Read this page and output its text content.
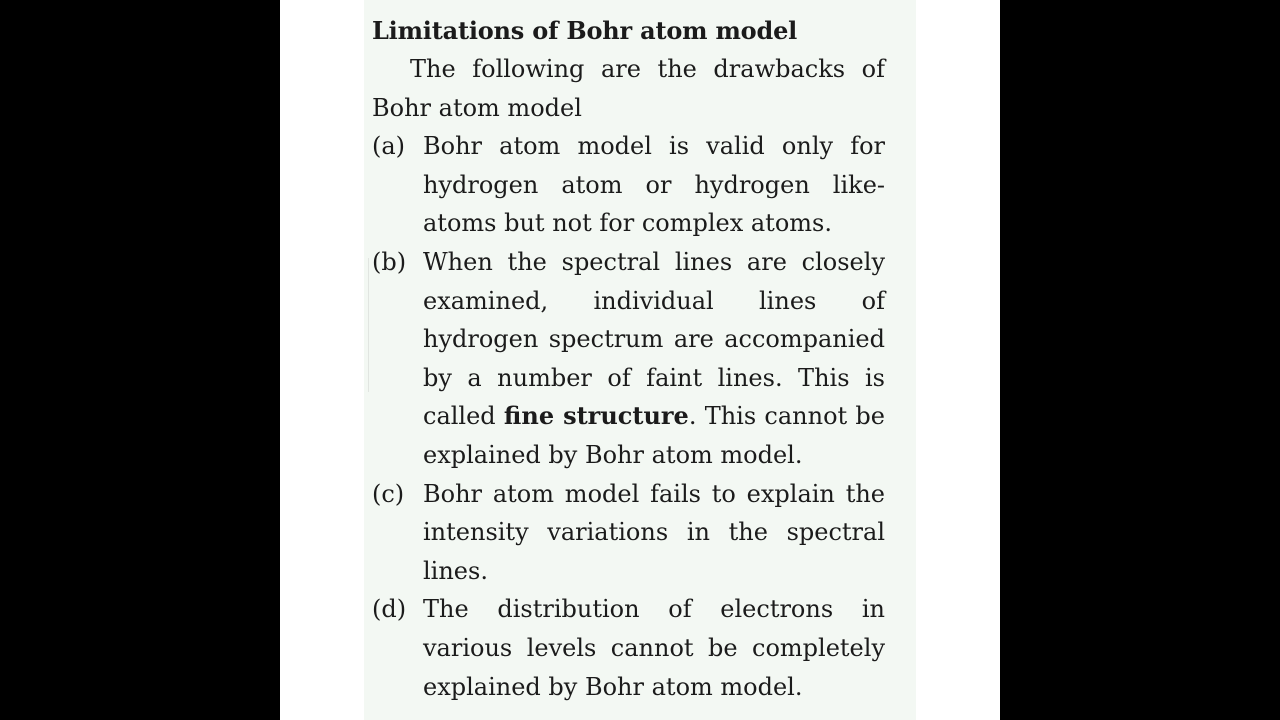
Limitations of Bohr atom model

The following are the drawbacks of Bohr atom model

(a) Bohr atom model is valid only for hydrogen atom or hydrogen like-atoms but not for complex atoms.
(b) When the spectral lines are closely examined, individual lines of hydrogen spectrum are accompanied by a number of faint lines. This is called fine structure. This cannot be explained by Bohr atom model.
(c) Bohr atom model fails to explain the intensity variations in the spectral lines.
(d) The distribution of electrons in various levels cannot be completely explained by Bohr atom model.
